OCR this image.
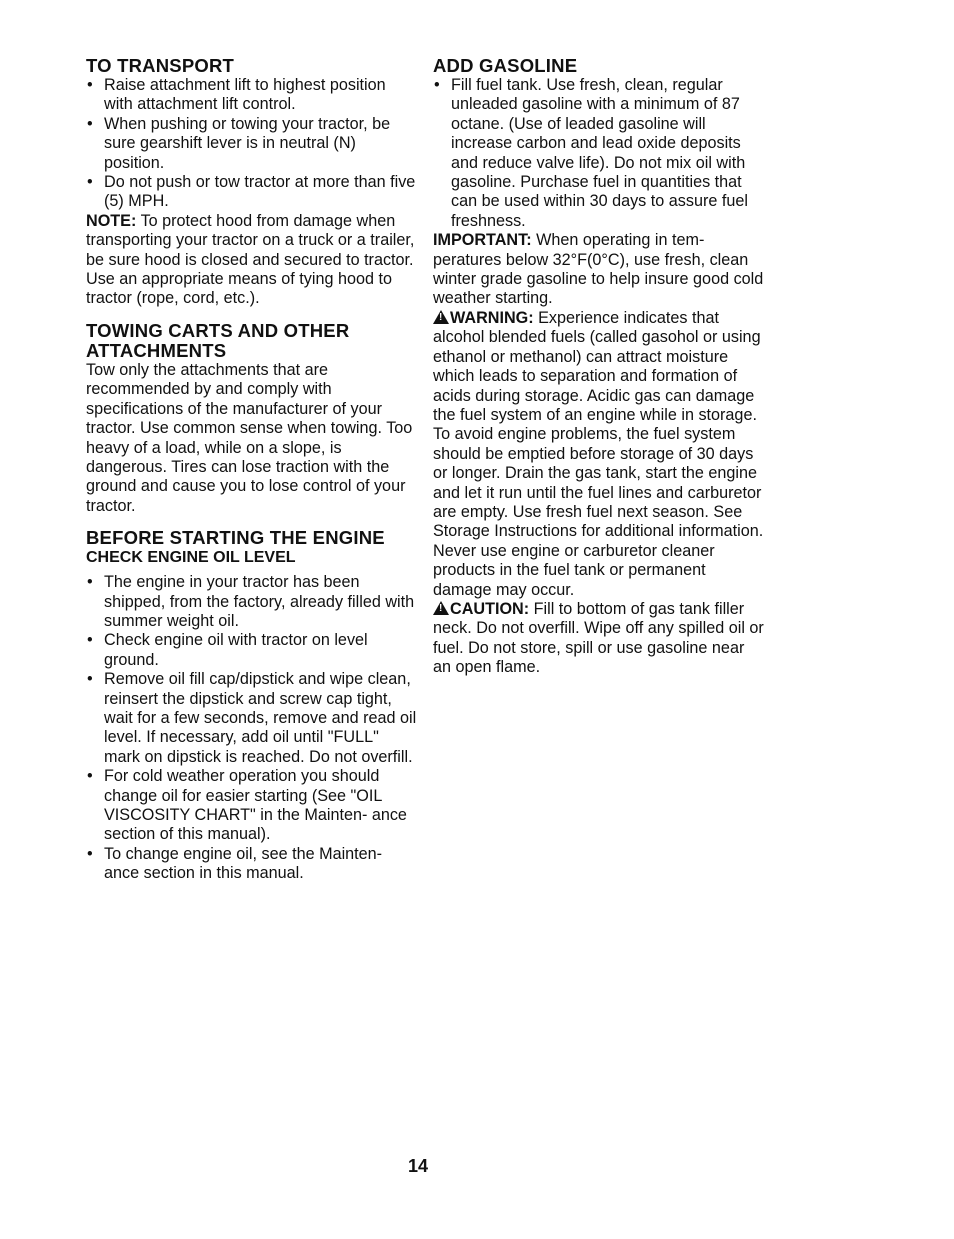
TO TRANSPORT
• Raise attachment lift to highest position with attachment lift control.
• When pushing or towing your tractor, be sure gearshift lever is in neutral (N) position.
• Do not push or tow tractor at more than five (5) MPH.

NOTE: To protect hood from damage when transporting your tractor on a truck or a trailer, be sure hood is closed and secured to tractor. Use an appropriate means of tying hood to tractor (rope, cord, etc.).

TOWING CARTS AND OTHER ATTACHMENTS

Tow only the attachments that are recommended by and comply with specifications of the manufacturer of your tractor. Use common sense when towing. Too heavy of a load, while on a slope, is dangerous. Tires can lose traction with the ground and cause you to lose control of your tractor.

BEFORE STARTING THE ENGINE
CHECK ENGINE OIL LEVEL
• The engine in your tractor has been shipped, from the factory, already filled with summer weight oil.
• Check engine oil with tractor on level ground.
• Remove oil fill cap/dipstick and wipe clean, reinsert the dipstick and screw cap tight, wait for a few seconds, remove and read oil level. If necessary, add oil until "FULL" mark on dipstick is reached. Do not overfill.
• For cold weather operation you should change oil for easier starting (See "OIL VISCOSITY CHART" in the Mainten- ance section of this manual).
• To change engine oil, see the Mainten- ance section in this manual.
ADD GASOLINE
• Fill fuel tank. Use fresh, clean, regular unleaded gasoline with a minimum of 87 octane. (Use of leaded gasoline will increase carbon and lead oxide deposits and reduce valve life). Do not mix oil with gasoline. Purchase fuel in quantities that can be used within 30 days to assure fuel freshness.

IMPORTANT: When operating in tem- peratures below 32°F(0°C), use fresh, clean winter grade gasoline to help insure good cold weather starting.

!WARNING: Experience indicates that alcohol blended fuels (called gasohol or using ethanol or methanol) can attract moisture which leads to separation and formation of acids during storage. Acidic gas can damage the fuel system of an engine while in storage. To avoid engine problems, the fuel system should be emptied before storage of 30 days or longer. Drain the gas tank, start the engine and let it run until the fuel lines and carburetor are empty. Use fresh fuel next season. See Storage Instructions for additional information. Never use engine or carburetor cleaner products in the fuel tank or permanent damage may occur.

!CAUTION: Fill to bottom of gas tank filler neck. Do not overfill. Wipe off any spilled oil or fuel. Do not store, spill or use gasoline near an open flame.

14
